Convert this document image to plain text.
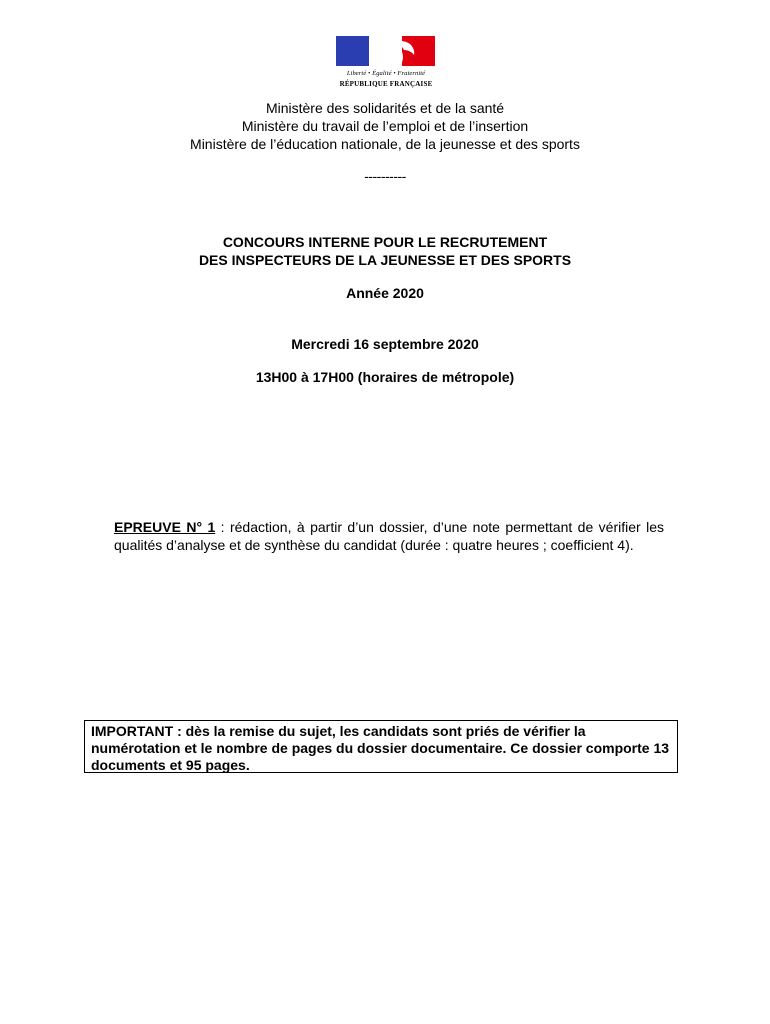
Liberté • Égalité • Fraternité
RÉPUBLIQUE FRANÇAISE
Ministère des solidarités et de la santé
Ministère du travail de l’emploi et de l’insertion
Ministère de l’éducation nationale, de la jeunesse et des sports
----------
CONCOURS INTERNE POUR LE RECRUTEMENT
DES INSPECTEURS DE LA JEUNESSE ET DES SPORTS
Année 2020
Mercredi 16 septembre 2020
13H00 à 17H00 (horaires de métropole)
EPREUVE N° 1 : rédaction, à partir d’un dossier, d’une note permettant de vérifier les qualités d’analyse et de synthèse du candidat (durée : quatre heures ; coefficient 4).
IMPORTANT : dès la remise du sujet, les candidats sont priés de vérifier la numérotation et le nombre de pages du dossier documentaire. Ce dossier comporte 13 documents et 95 pages.
